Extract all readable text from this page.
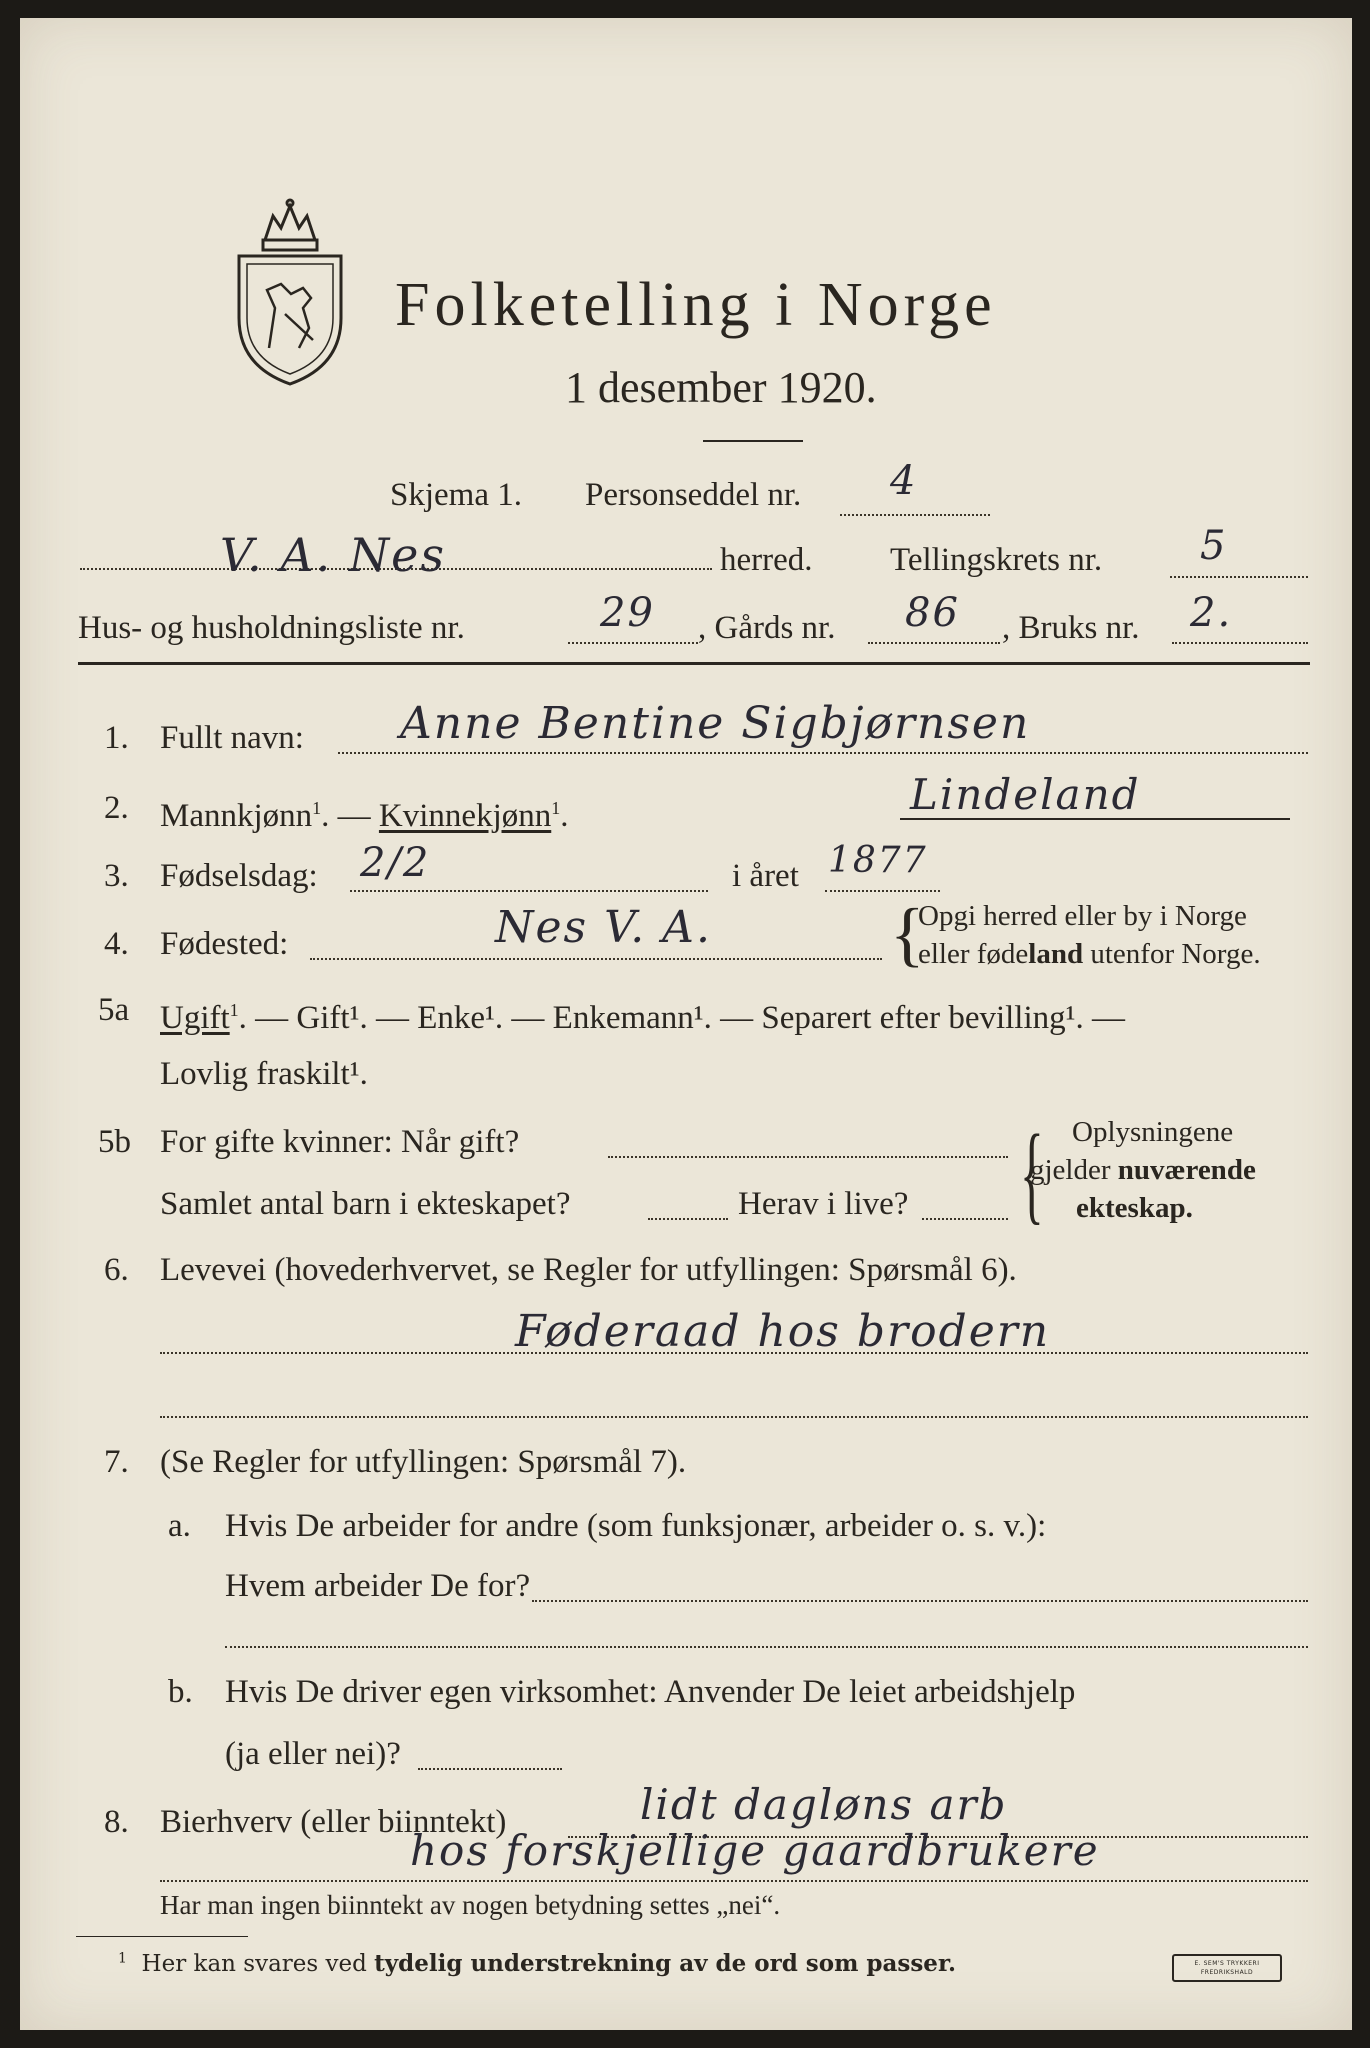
Folketelling i Norge
1 desember 1920.
Skjema 1. Personseddel nr. 4
V. A. Nes	herred. Tellingskrets nr. 5
Hus- og husholdningsliste nr.	29 , Gårds nr. 86 , Bruks nr. 2.
1. Fullt navn: Anne Bentine Sigbjørnsen
2. Mannkjønn$^1$. — Kvinnekjønn$^1$.	Lindeland
3. Fødselsdag: 2/2	i året 1877
4. Fødested:	Nes V. A. {
Opgi herred eller by i Norge
eller fødeland utenfor Norge.
5a Ugift$^1$. — Gift¹. — Enke¹. — Enkemann¹. — Separert efter bevilling¹. —
Lovlig fraskilt¹.
5b For gifte kvinner: Når gift?
Samlet antal barn i ekteskapet?	Herav i live? { Oplysningene
gjelder nuværende
ekteskap.
6. Levevei (hovederhvervet, se Regler for utfyllingen: Spørsmål 6).
Føderaad hos brodern
7. (Se Regler for utfyllingen: Spørsmål 7).
a. Hvis De arbeider for andre (som funksjonær, arbeider o. s. v.):
Hvem arbeider De for?
b. Hvis De driver egen virksomhet: Anvender De leiet arbeidshjelp
(ja eller nei)?
8. Bierhverv (eller biinntekt)	lidt dagløns arb
hos forskjellige gaardbrukere
Har man ingen biinntekt av nogen betydning settes „nei“.
$^1$ Her kan svares ved tydelig understrekning av de ord som passer.	E. SEM'S TRYKKERI FREDRIKSHALD
